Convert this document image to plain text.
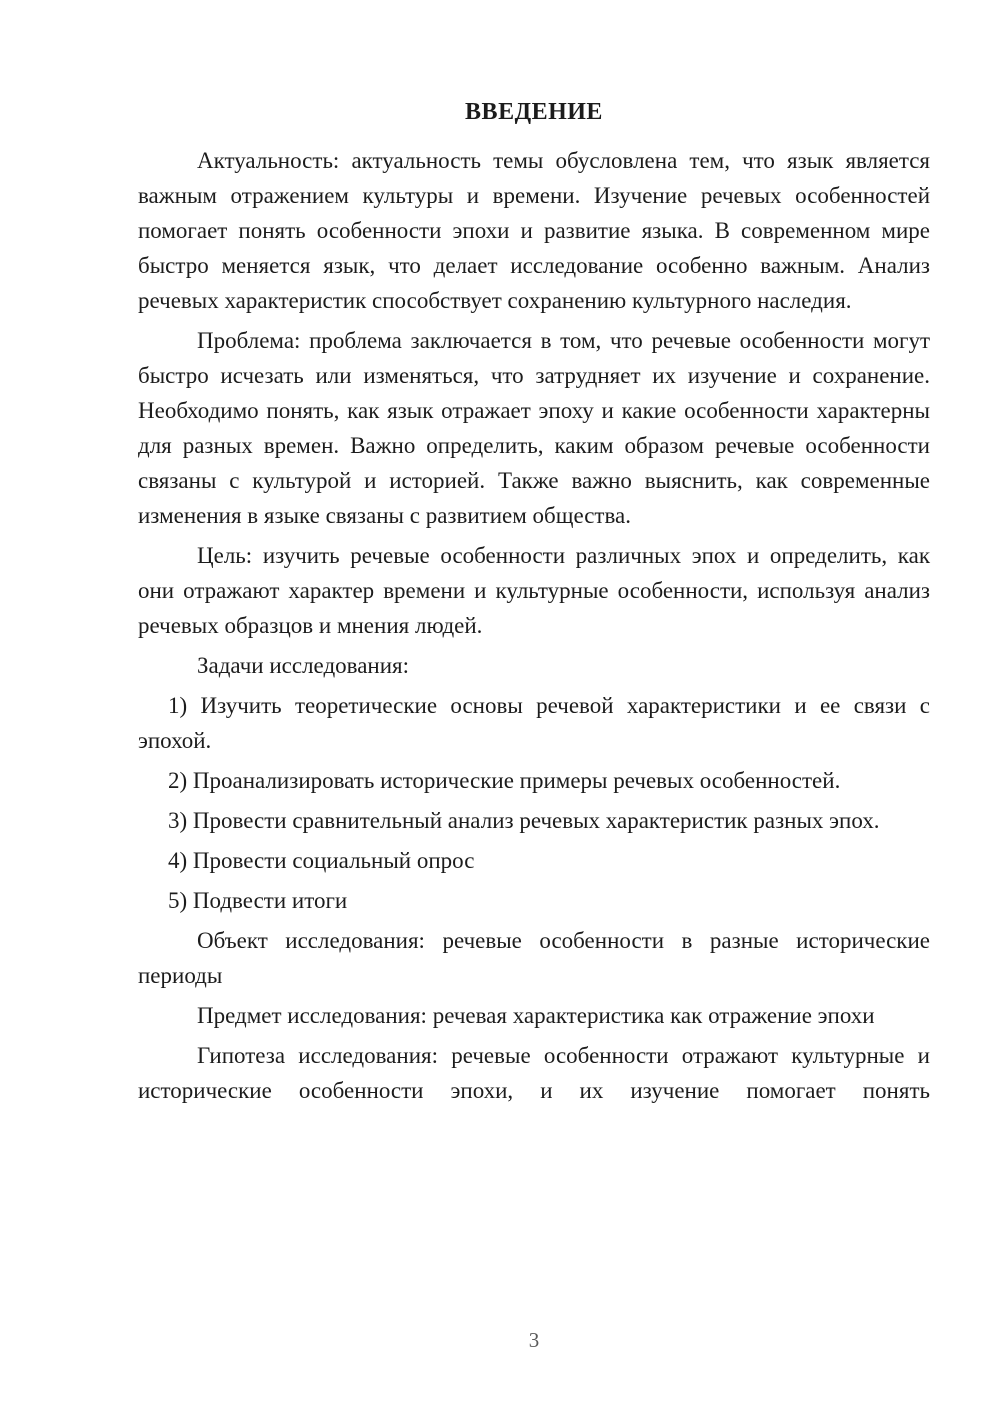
ВВЕДЕНИЕ

Актуальность: актуальность темы обусловлена тем, что язык является важным отражением культуры и времени. Изучение речевых особенностей помогает понять особенности эпохи и развитие языка. В современном мире быстро меняется язык, что делает исследование особенно важным. Анализ речевых характеристик способствует сохранению культурного наследия.

Проблема: проблема заключается в том, что речевые особенности могут быстро исчезать или изменяться, что затрудняет их изучение и сохранение. Необходимо понять, как язык отражает эпоху и какие особенности характерны для разных времен. Важно определить, каким образом речевые особенности связаны с культурой и историей. Также важно выяснить, как современные изменения в языке связаны с развитием общества.

Цель: изучить речевые особенности различных эпох и определить, как они отражают характер времени и культурные особенности, используя анализ речевых образцов и мнения людей.

Задачи исследования:

1) Изучить теоретические основы речевой характеристики и ее связи с эпохой.

2) Проанализировать исторические примеры речевых особенностей.

3) Провести сравнительный анализ речевых характеристик разных эпох.

4) Провести социальный опрос

5) Подвести итоги

Объект исследования: речевые особенности в разные исторические периоды

Предмет исследования: речевая характеристика как отражение эпохи

Гипотеза исследования: речевые особенности отражают культурные и исторические особенности эпохи, и их изучение помогает понять

3
